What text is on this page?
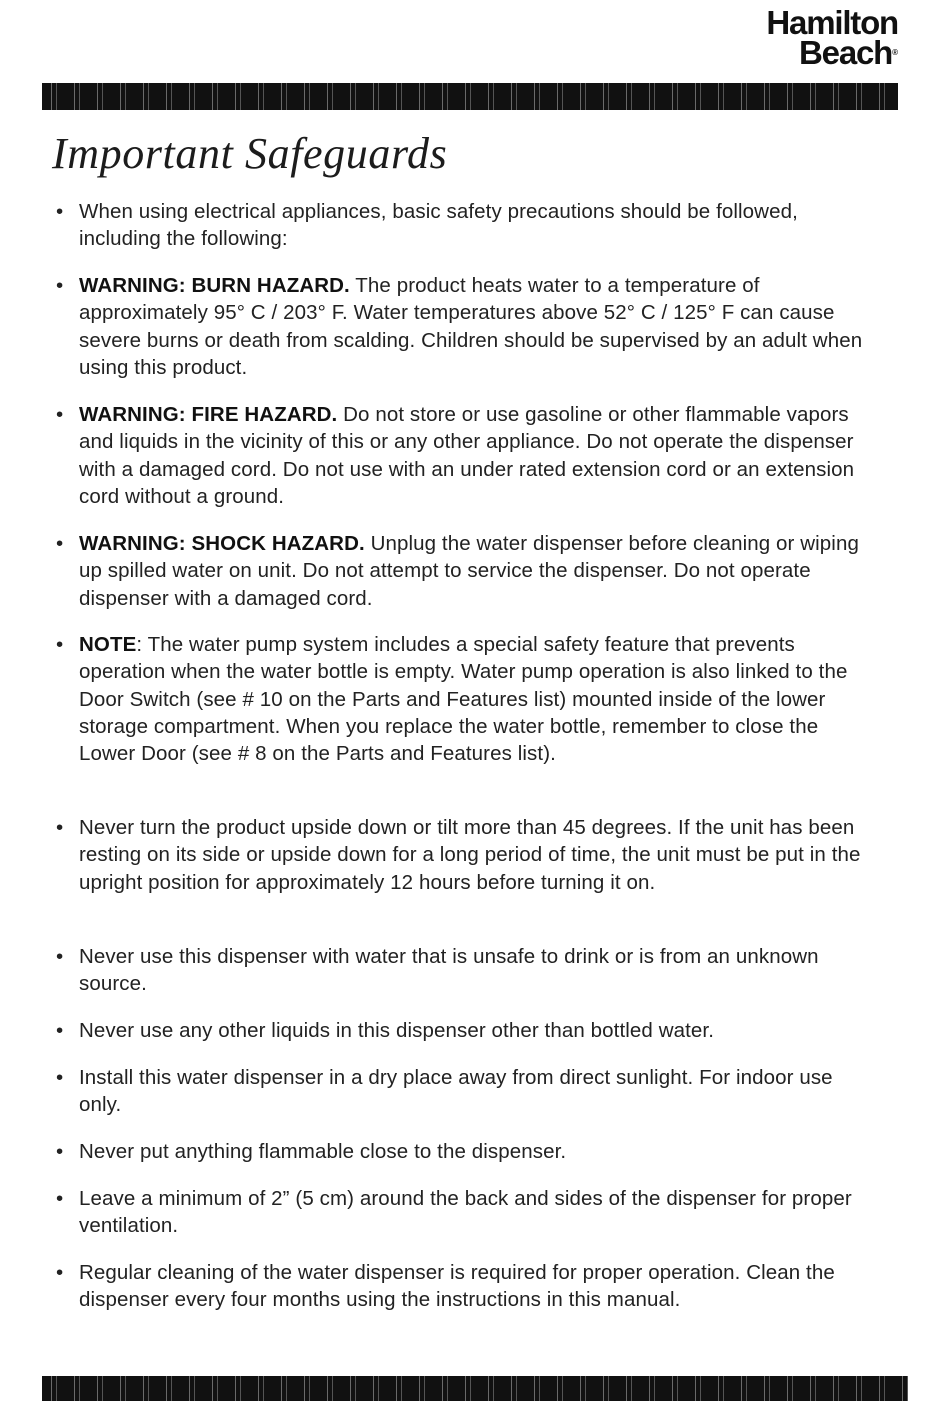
Hamilton
Beach®
Important Safeguards
• When using electrical appliances, basic safety precautions should be followed, including the following:
• WARNING: BURN HAZARD. The product heats water to a temperature of approximately 95° C / 203° F. Water temperatures above 52° C / 125° F can cause severe burns or death from scalding. Children should be supervised by an adult when using this product.
• WARNING: FIRE HAZARD. Do not store or use gasoline or other flammable vapors and liquids in the vicinity of this or any other appliance. Do not operate the dispenser with a damaged cord. Do not use with an under rated extension cord or an extension cord without a ground.
• WARNING: SHOCK HAZARD. Unplug the water dispenser before cleaning or wiping up spilled water on unit. Do not attempt to service the dispenser. Do not operate dispenser with a damaged cord.
• NOTE: The water pump system includes a special safety feature that prevents operation when the water bottle is empty. Water pump operation is also linked to the Door Switch (see # 10 on the Parts and Features list) mounted inside of the lower storage compartment. When you replace the water bottle, remember to close the Lower Door (see # 8 on the Parts and Features list).
• Never turn the product upside down or tilt more than 45 degrees. If the unit has been resting on its side or upside down for a long period of time, the unit must be put in the upright position for approximately 12 hours before turning it on.
• Never use this dispenser with water that is unsafe to drink or is from an unknown source.
• Never use any other liquids in this dispenser other than bottled water.
• Install this water dispenser in a dry place away from direct sunlight. For indoor use only.
• Never put anything flammable close to the dispenser.
• Leave a minimum of 2” (5 cm) around the back and sides of the dispenser for proper ventilation.
• Regular cleaning of the water dispenser is required for proper operation. Clean the dispenser every four months using the instructions in this manual.
